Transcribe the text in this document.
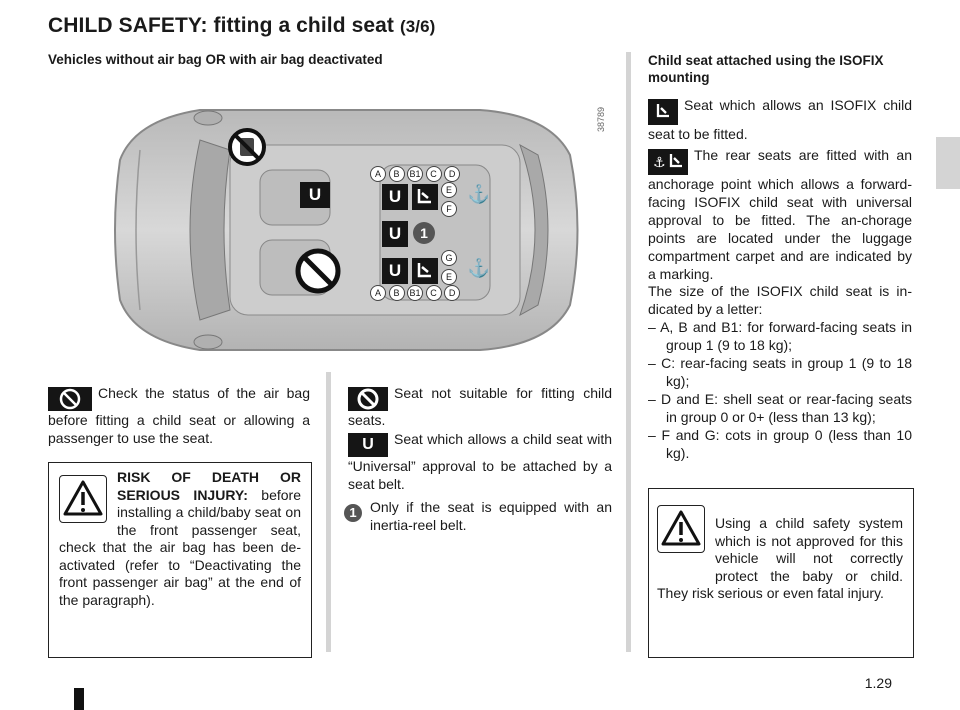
CHILD SAFETY: fitting a child seat (3/6)
Vehicles without air bag OR with air bag deactivated
U	U
U
U
⚓
⚓
1
A B B1 C D
A B B1 C D
E
F
G
E
38789
Check the status of the air bag before fitting a child seat or allowing a passenger to use the seat.
RISK OF DEATH OR SERIOUS INJURY: before installing a child/baby seat on the front passenger seat, check that the air bag has been de-activated (refer to “Deactivating the front passenger air bag” at the end of the paragraph).
Seat not suitable for fitting child seats.
U Seat which allows a child seat with “Universal” approval to be attached by a seat belt.
1 Only if the seat is equipped with an inertia-reel belt.
Child seat attached using the ISOFIX mounting
Seat which allows an ISOFIX child seat to be fitted.
⚓ The rear seats are fitted with an anchorage point which allows a forward-facing ISOFIX child seat with universal approval to be fitted. The an-chorage points are located under the luggage compartment carpet and are indicated by a marking.
The size of the ISOFIX child seat is in-dicated by a letter:
– A, B and B1: for forward-facing seats in group 1 (9 to 18 kg);
– C: rear-facing seats in group 1 (9 to 18 kg);
– D and E: shell seat or rear-facing seats in group 0 or 0+ (less than 13 kg);
– F and G: cots in group 0 (less than 10 kg).
Using a child safety system which is not approved for this vehicle will not correctly protect the baby or child. They risk serious or even fatal injury.
1.29
